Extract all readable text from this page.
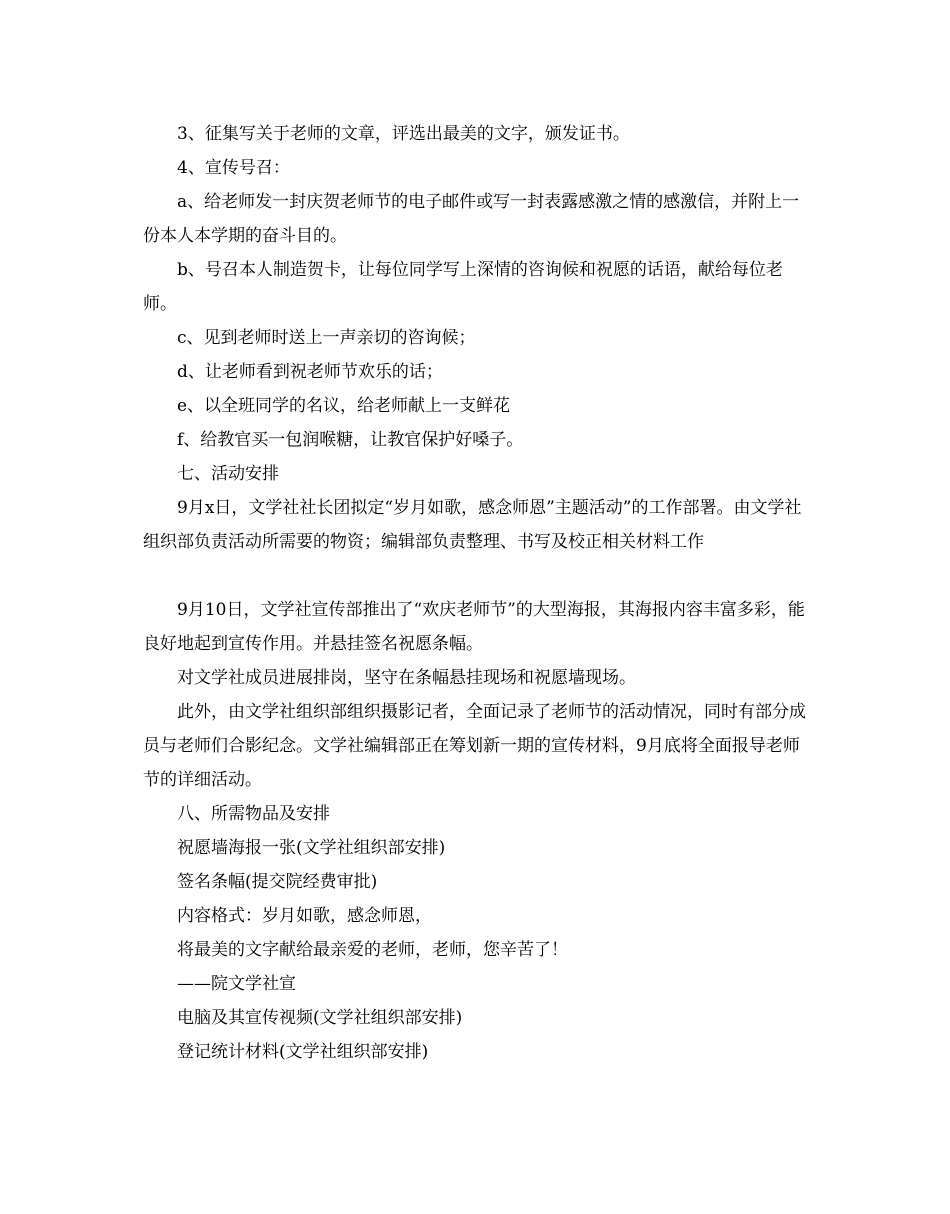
3、征集写关于老师的文章，评选出最美的文字，颁发证书。

4、宣传号召：

a、给老师发一封庆贺老师节的电子邮件或写一封表露感激之情的感激信，并附上一份本人本学期的奋斗目的。

b、号召本人制造贺卡，让每位同学写上深情的咨询候和祝愿的话语，献给每位老师。

c、见到老师时送上一声亲切的咨询候；

d、让老师看到祝老师节欢乐的话；

e、以全班同学的名议，给老师献上一支鲜花

f、给教官买一包润喉糖，让教官保护好嗓子。

七、活动安排

9月x日，文学社社长团拟定“岁月如歌，感念师恩”主题活动”的工作部署。由文学社组织部负责活动所需要的物资；编辑部负责整理、书写及校正相关材料工作

9月10日，文学社宣传部推出了“欢庆老师节”的大型海报，其海报内容丰富多彩，能良好地起到宣传作用。并悬挂签名祝愿条幅。

对文学社成员进展排岗，坚守在条幅悬挂现场和祝愿墙现场。

此外，由文学社组织部组织摄影记者，全面记录了老师节的活动情况，同时有部分成员与老师们合影纪念。文学社编辑部正在筹划新一期的宣传材料，9月底将全面报导老师节的详细活动。

八、所需物品及安排

祝愿墙海报一张(文学社组织部安排)

签名条幅(提交院经费审批)

内容格式：岁月如歌，感念师恩，

将最美的文字献给最亲爱的老师，老师，您辛苦了！

——院文学社宣

电脑及其宣传视频(文学社组织部安排)

登记统计材料(文学社组织部安排)
